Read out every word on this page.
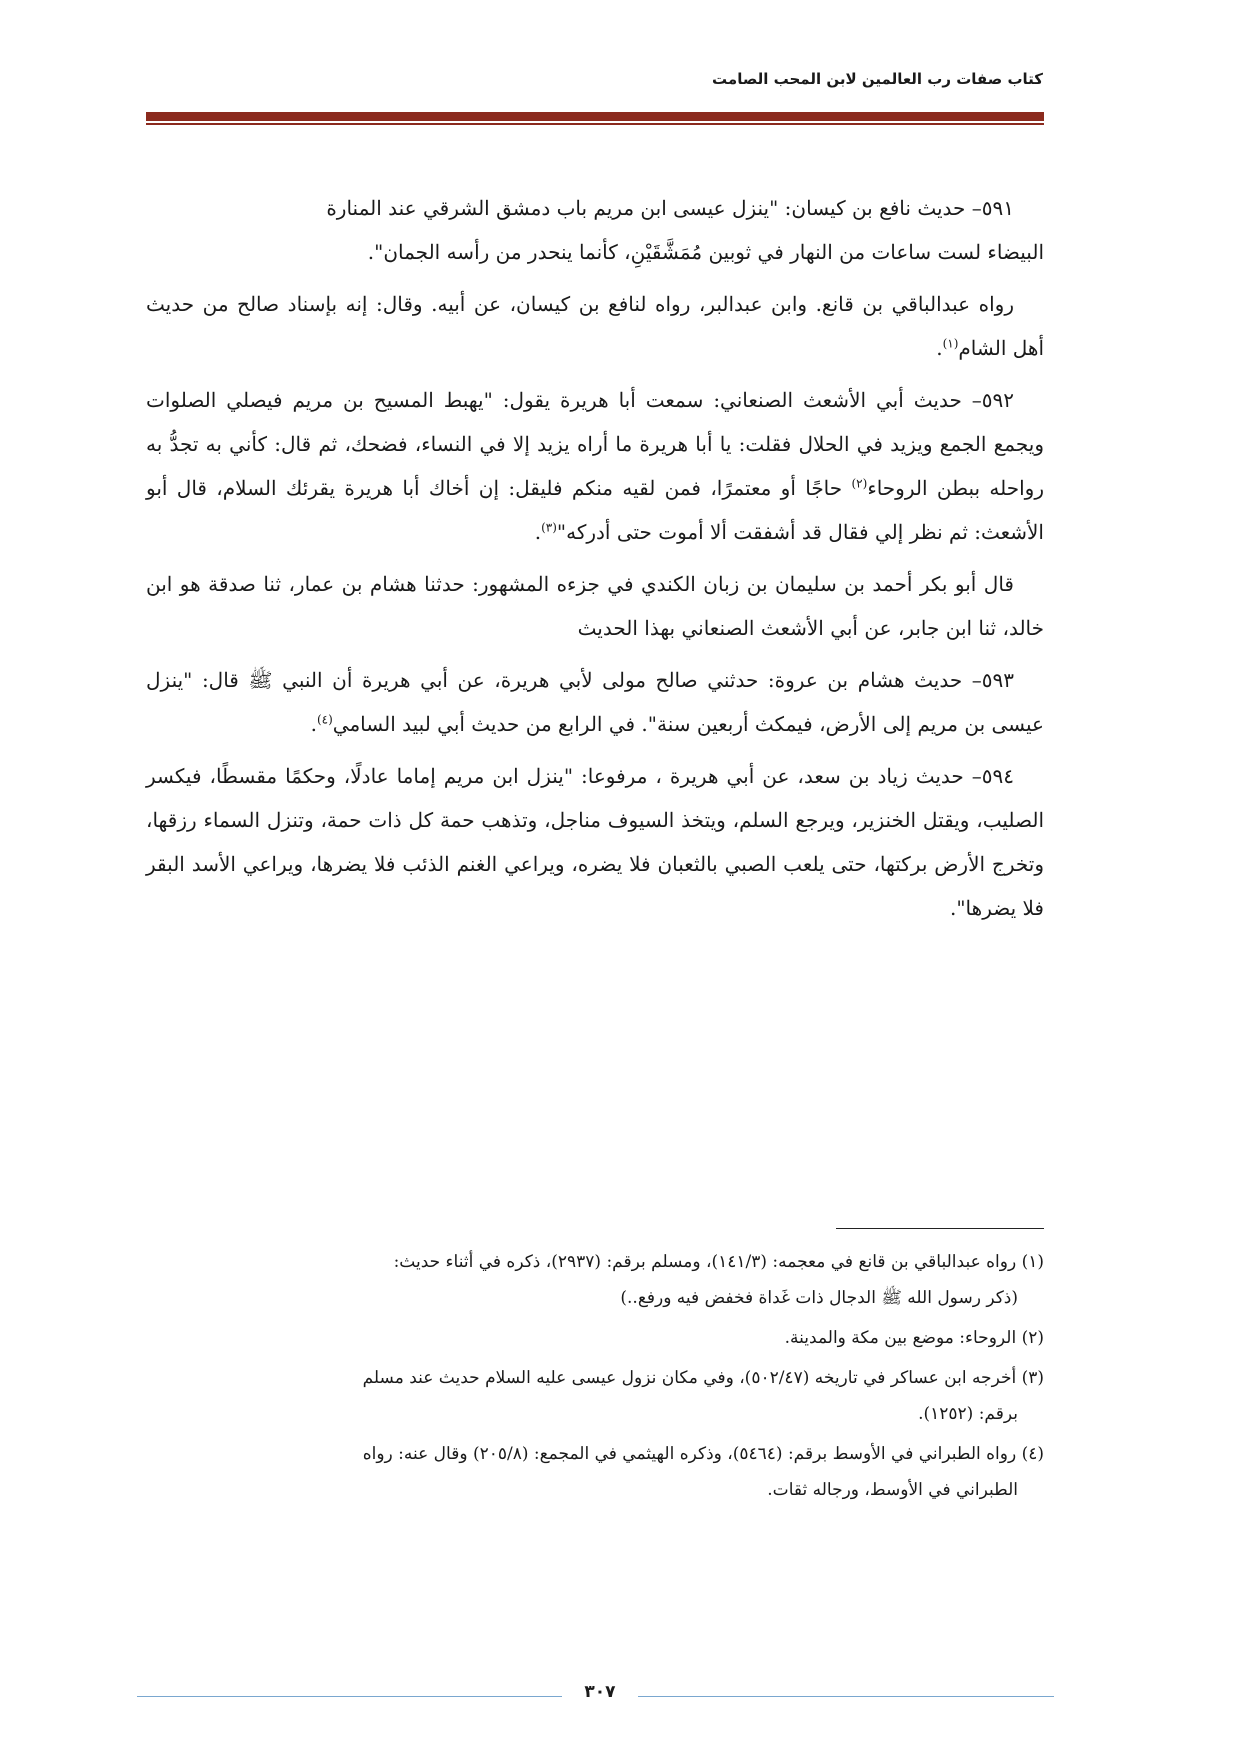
كتاب صفات رب العالمين لابن المحب الصامت

٥٩١– حديث نافع بن كيسان: "ينزل عيسى ابن مريم باب دمشق الشرقي عند المنارة
البيضاء لست ساعات من النهار في ثوبين مُمَشَّقَيْنِ، كأنما ينحدر من رأسه الجمان".

رواه عبدالباقي بن قانع. وابن عبدالبر، رواه لنافع بن كيسان، عن أبيه. وقال: إنه بإسناد صالح من حديث أهل الشام$^{(١)}$.

٥٩٢– حديث أبي الأشعث الصنعاني: سمعت أبا هريرة يقول: "يهبط المسيح بن مريم فيصلي الصلوات ويجمع الجمع ويزيد في الحلال فقلت: يا أبا هريرة ما أراه يزيد إلا في النساء، فضحك، ثم قال: كأني به تجدُّ به رواحله ببطن الروحاء$^{(٢)}$ حاجًا أو معتمرًا، فمن لقيه منكم فليقل: إن أخاك أبا هريرة يقرئك السلام، قال أبو الأشعث: ثم نظر إلي فقال قد أشفقت ألا أموت حتى أدركه"$^{(٣)}$.

قال أبو بكر أحمد بن سليمان بن زبان الكندي في جزءه المشهور: حدثنا هشام بن عمار، ثنا صدقة هو ابن خالد، ثنا ابن جابر، عن أبي الأشعث الصنعاني بهذا الحديث

٥٩٣– حديث هشام بن عروة: حدثني صالح مولى لأبي هريرة، عن أبي هريرة أن النبي ﷺ قال: "ينزل عيسى بن مريم إلى الأرض، فيمكث أربعين سنة". في الرابع من حديث أبي لبيد السامي$^{(٤)}$.

٥٩٤– حديث زياد بن سعد، عن أبي هريرة ، مرفوعا: "ينزل ابن مريم إماما عادلًا، وحكمًا مقسطًا، فيكسر الصليب، ويقتل الخنزير، ويرجع السلم، ويتخذ السيوف مناجل، وتذهب حمة كل ذات حمة، وتنزل السماء رزقها، وتخرج الأرض بركتها، حتى يلعب الصبي بالثعبان فلا يضره، ويراعي الغنم الذئب فلا يضرها، ويراعي الأسد البقر فلا يضرها".

(١) رواه عبدالباقي بن قانع في معجمه: (١٤١/٣)، ومسلم برقم: (٢٩٣٧)، ذكره في أثناء حديث:
(ذكر رسول الله ﷺ الدجال ذات غَداة فخفض فيه ورفع..)

(٢) الروحاء: موضع بين مكة والمدينة.

(٣) أخرجه ابن عساكر في تاريخه (٥٠٢/٤٧)، وفي مكان نزول عيسى عليه السلام حديث عند مسلم
برقم: (١٢٥٢).

(٤) رواه الطبراني في الأوسط برقم: (٥٤٦٤)، وذكره الهيثمي في المجمع: (٢٠٥/٨) وقال عنه: رواه
الطبراني في الأوسط، ورجاله ثقات.

٣٠٧
